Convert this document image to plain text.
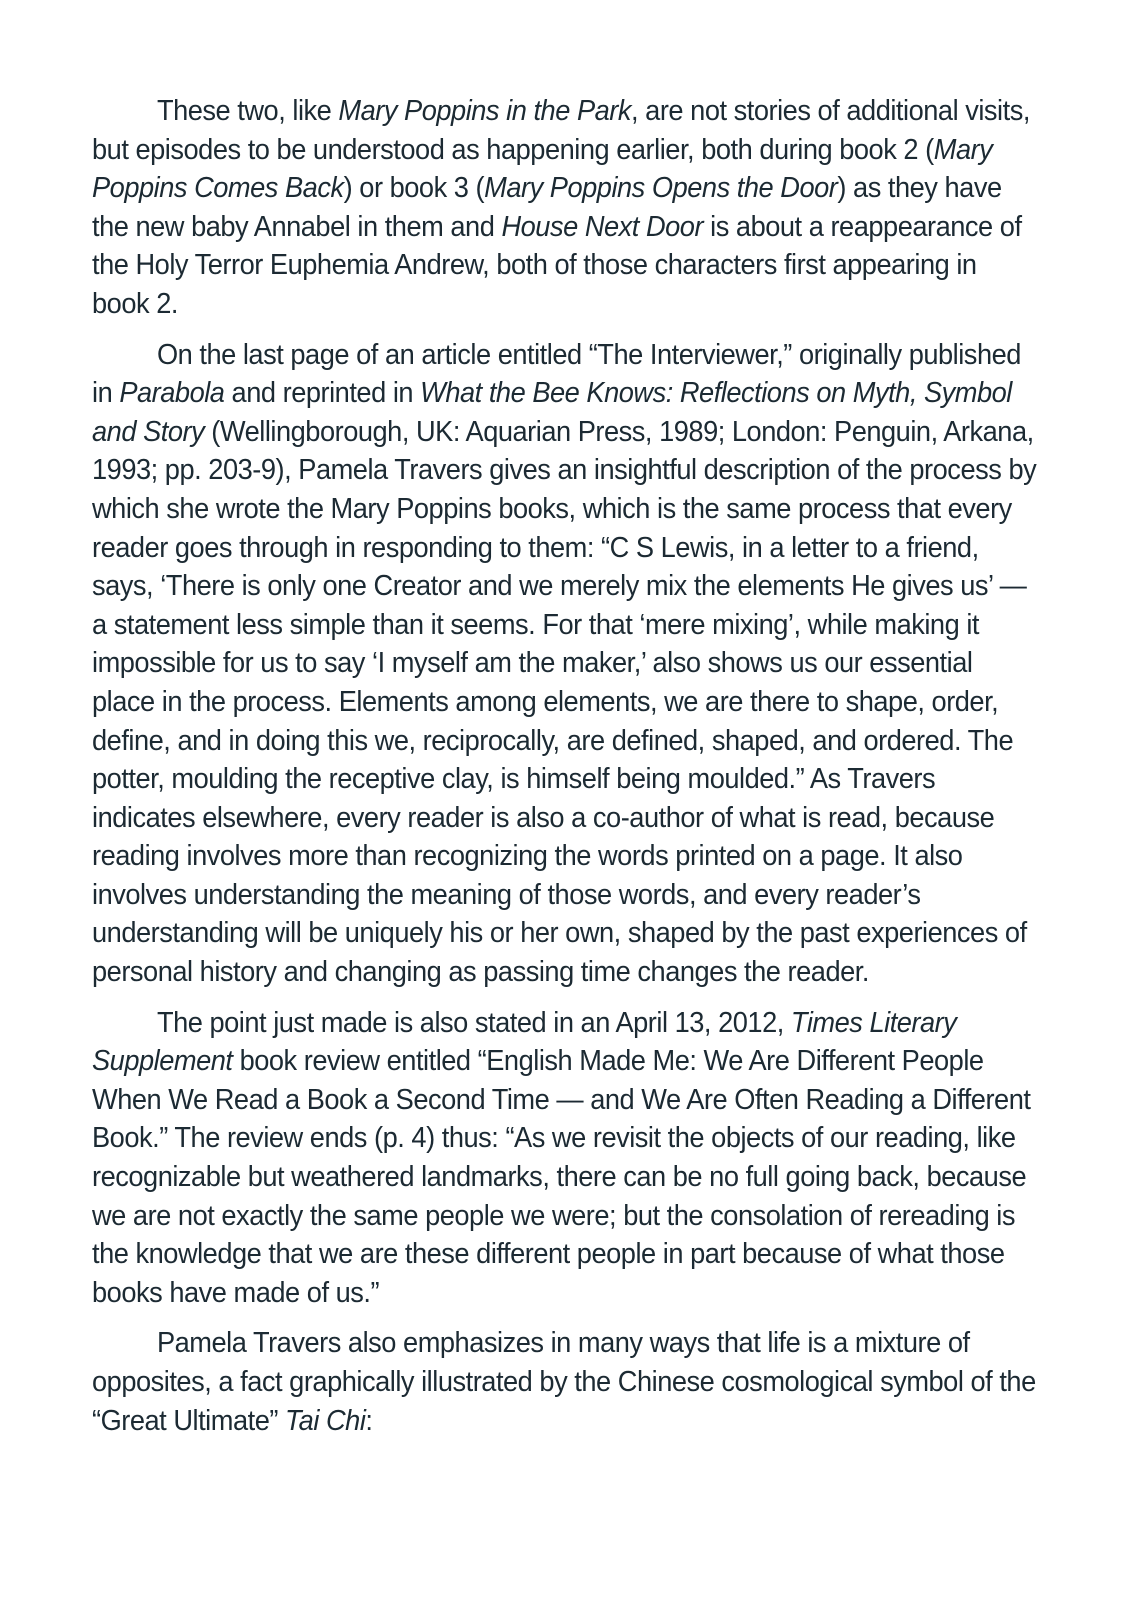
These two, like Mary Poppins in the Park, are not stories of additional visits, but episodes to be understood as happening earlier, both during book 2 (Mary Poppins Comes Back) or book 3 (Mary Poppins Opens the Door) as they have the new baby Annabel in them and House Next Door is about a reappearance of the Holy Terror Euphemia Andrew, both of those characters first appearing in book 2.

On the last page of an article entitled “The Interviewer,” originally published in Parabola and reprinted in What the Bee Knows: Reflections on Myth, Symbol and Story (Wellingborough, UK: Aquarian Press, 1989; London: Penguin, Arkana, 1993; pp. 203-9), Pamela Travers gives an insightful description of the process by which she wrote the Mary Poppins books, which is the same process that every reader goes through in responding to them: “C S Lewis, in a letter to a friend, says, ‘There is only one Creator and we merely mix the elements He gives us’ — a statement less simple than it seems. For that ‘mere mixing’, while making it impossible for us to say ‘I myself am the maker,’ also shows us our essential place in the process. Elements among elements, we are there to shape, order, define, and in doing this we, reciprocally, are defined, shaped, and ordered. The potter, moulding the receptive clay, is himself being moulded.” As Travers indicates elsewhere, every reader is also a co-author of what is read, because reading involves more than recognizing the words printed on a page. It also involves understanding the meaning of those words, and every reader’s understanding will be uniquely his or her own, shaped by the past experiences of personal history and changing as passing time changes the reader.

The point just made is also stated in an April 13, 2012, Times Literary Supplement book review entitled “English Made Me: We Are Different People When We Read a Book a Second Time — and We Are Often Reading a Different Book.” The review ends (p. 4) thus: “As we revisit the objects of our reading, like recognizable but weathered landmarks, there can be no full going back, because we are not exactly the same people we were; but the consolation of rereading is the knowledge that we are these different people in part because of what those books have made of us.”

Pamela Travers also emphasizes in many ways that life is a mixture of opposites, a fact graphically illustrated by the Chinese cosmological symbol of the “Great Ultimate” Tai Chi:
